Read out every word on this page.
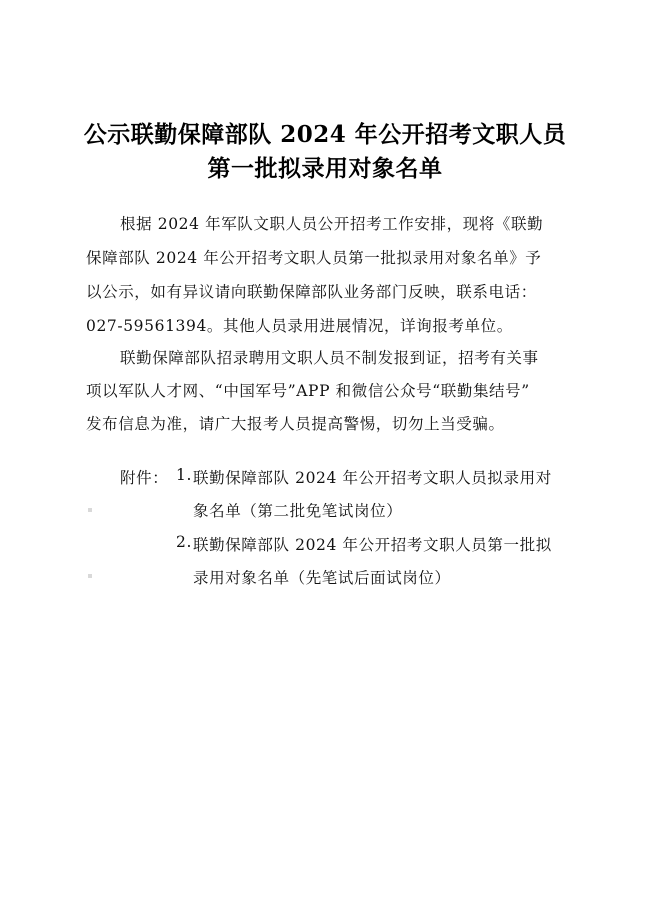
公示联勤保障部队 2024 年公开招考文职人员
第一批拟录用对象名单
根据 2024 年军队文职人员公开招考工作安排，现将《联勤
保障部队 2024 年公开招考文职人员第一批拟录用对象名单》予
以公示，如有异议请向联勤保障部队业务部门反映，联系电话：
027-59561394。其他人员录用进展情况，详询报考单位。
联勤保障部队招录聘用文职人员不制发报到证，招考有关事
项以军队人才网、“中国军号”APP 和微信公众号“联勤集结号”
发布信息为准，请广大报考人员提高警惕，切勿上当受骗。
附件： 1. 联勤保障部队 2024 年公开招考文职人员拟录用对
象名单（第二批免笔试岗位）
2. 联勤保障部队 2024 年公开招考文职人员第一批拟
录用对象名单（先笔试后面试岗位）
